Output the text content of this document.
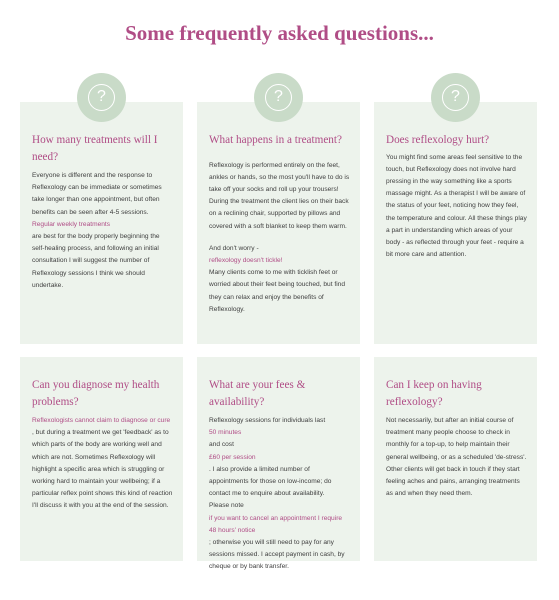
Some frequently asked questions...
How many treatments will I need?

Everyone is different and the response to Reflexology can be immediate or sometimes take longer than one appointment, but often benefits can be seen after 4-5 sessions.

Regular weekly treatments

are best for the body properly beginning the self-healing process, and following an initial consultation I will suggest the number of Reflexology sessions I think we should undertake.

?
What happens in a treatment?

Reflexology is performed entirely on the feet, ankles or hands, so the most you'll have to do is take off your socks and roll up your trousers! During the treatment the client lies on their back on a reclining chair, supported by pillows and covered with a soft blanket to keep them warm.

And don't worry -

reflexology doesn't tickle!

Many clients come to me with ticklish feet or worried about their feet being touched, but find they can relax and enjoy the benefits of Reflexology.

?
Does reflexology hurt?

You might find some areas feel sensitive to the touch, but Reflexology does not involve hard pressing in the way something like a sports massage might. As a therapist I will be aware of the status of your feet, noticing how they feel, the temperature and colour. All these things play a part in understanding which areas of your body - as reflected through your feet - require a bit more care and attention.

?
Can you diagnose my health problems?

Reflexologists cannot claim to diagnose or cure

, but during a treatment we get 'feedback' as to which parts of the body are working well and which are not. Sometimes Reflexology will highlight a specific area which is struggling or working hard to maintain your wellbeing; if a particular reflex point shows this kind of reaction I'll discuss it with you at the end of the session.

What are your fees & availability?

Reflexology sessions for individuals last

50 minutes

and cost

£60 per session

. I also provide a limited number of appointments for those on low-income; do contact me to enquire about availability.

Please note

if you want to cancel an appointment I require 48 hours' notice

; otherwise you will still need to pay for any sessions missed. I accept payment in cash, by cheque or by bank transfer.

Can I keep on having reflexology?

Not necessarily, but after an initial course of treatment many people choose to check in monthly for a top-up, to help maintain their general wellbeing, or as a scheduled 'de-stress'. Other clients will get back in touch if they start feeling aches and pains, arranging treatments as and when they need them.
